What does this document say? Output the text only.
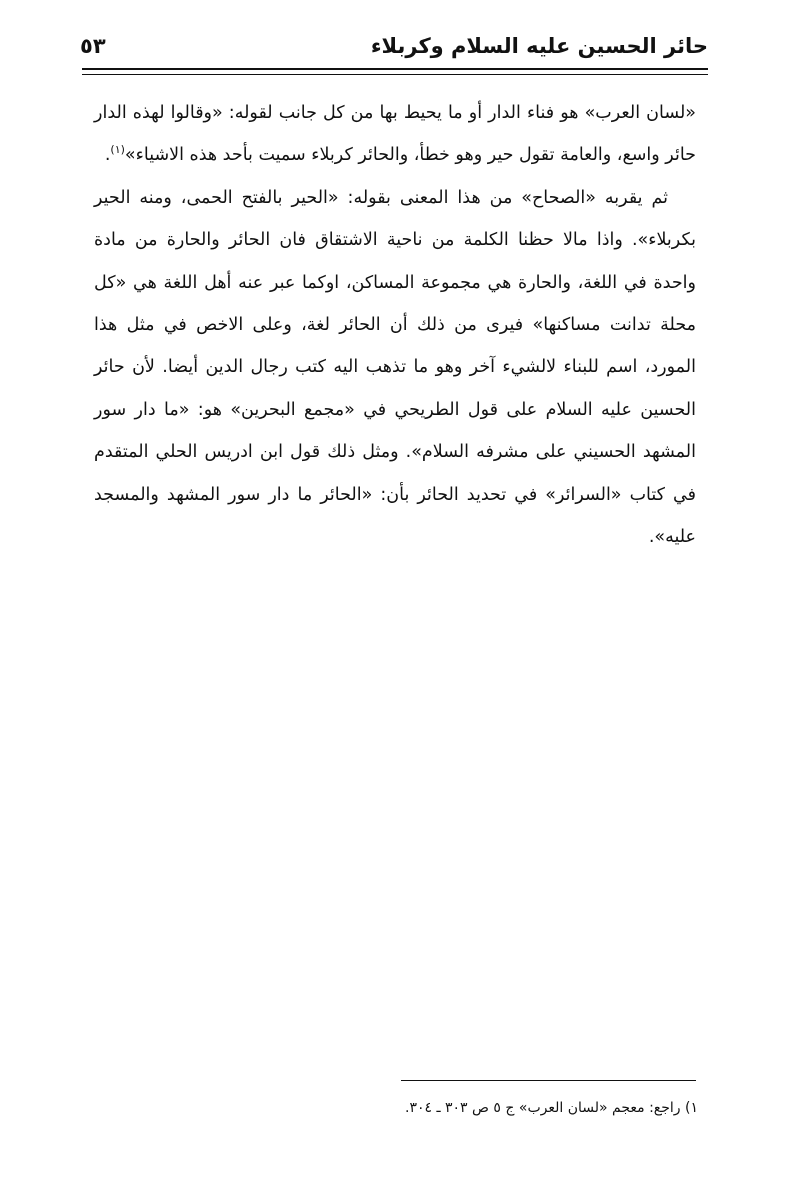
حائر الحسين عليه السلام وكربلاء
٥٣

«لسان العرب» هو فناء الدار أو ما يحيط بها من كل جانب لقوله: «وقالوا لهذه الدار حائر واسع، والعامة تقول حير وهو خطأ، والحائر كربلاء سميت بأحد هذه الاشياء»$^{(١)}$.

ثم يقربه «الصحاح» من هذا المعنى بقوله: «الحير بالفتح الحمى، ومنه الحير بكربلاء». واذا مالا حظنا الكلمة من ناحية الاشتقاق فان الحائر والحارة من مادة واحدة في اللغة، والحارة هي مجموعة المساكن، اوكما عبر عنه أهل اللغة هي «كل محلة تدانت مساكنها» فيرى من ذلك أن الحائر لغة، وعلى الاخص في مثل هذا المورد، اسم للبناء لالشيء آخر وهو ما تذهب اليه كتب رجال الدين أيضا. لأن حائر الحسين عليه السلام على قول الطريحي في «مجمع البحرين» هو: «ما دار سور المشهد الحسيني على مشرفه السلام». ومثل ذلك قول ابن ادريس الحلي المتقدم في كتاب «السرائر» في تحديد الحائر بأن: «الحائر ما دار سور المشهد والمسجد عليه».

١) راجع: معجم «لسان العرب» ج ٥ ص ٣٠٣ ـ ٣٠٤.
